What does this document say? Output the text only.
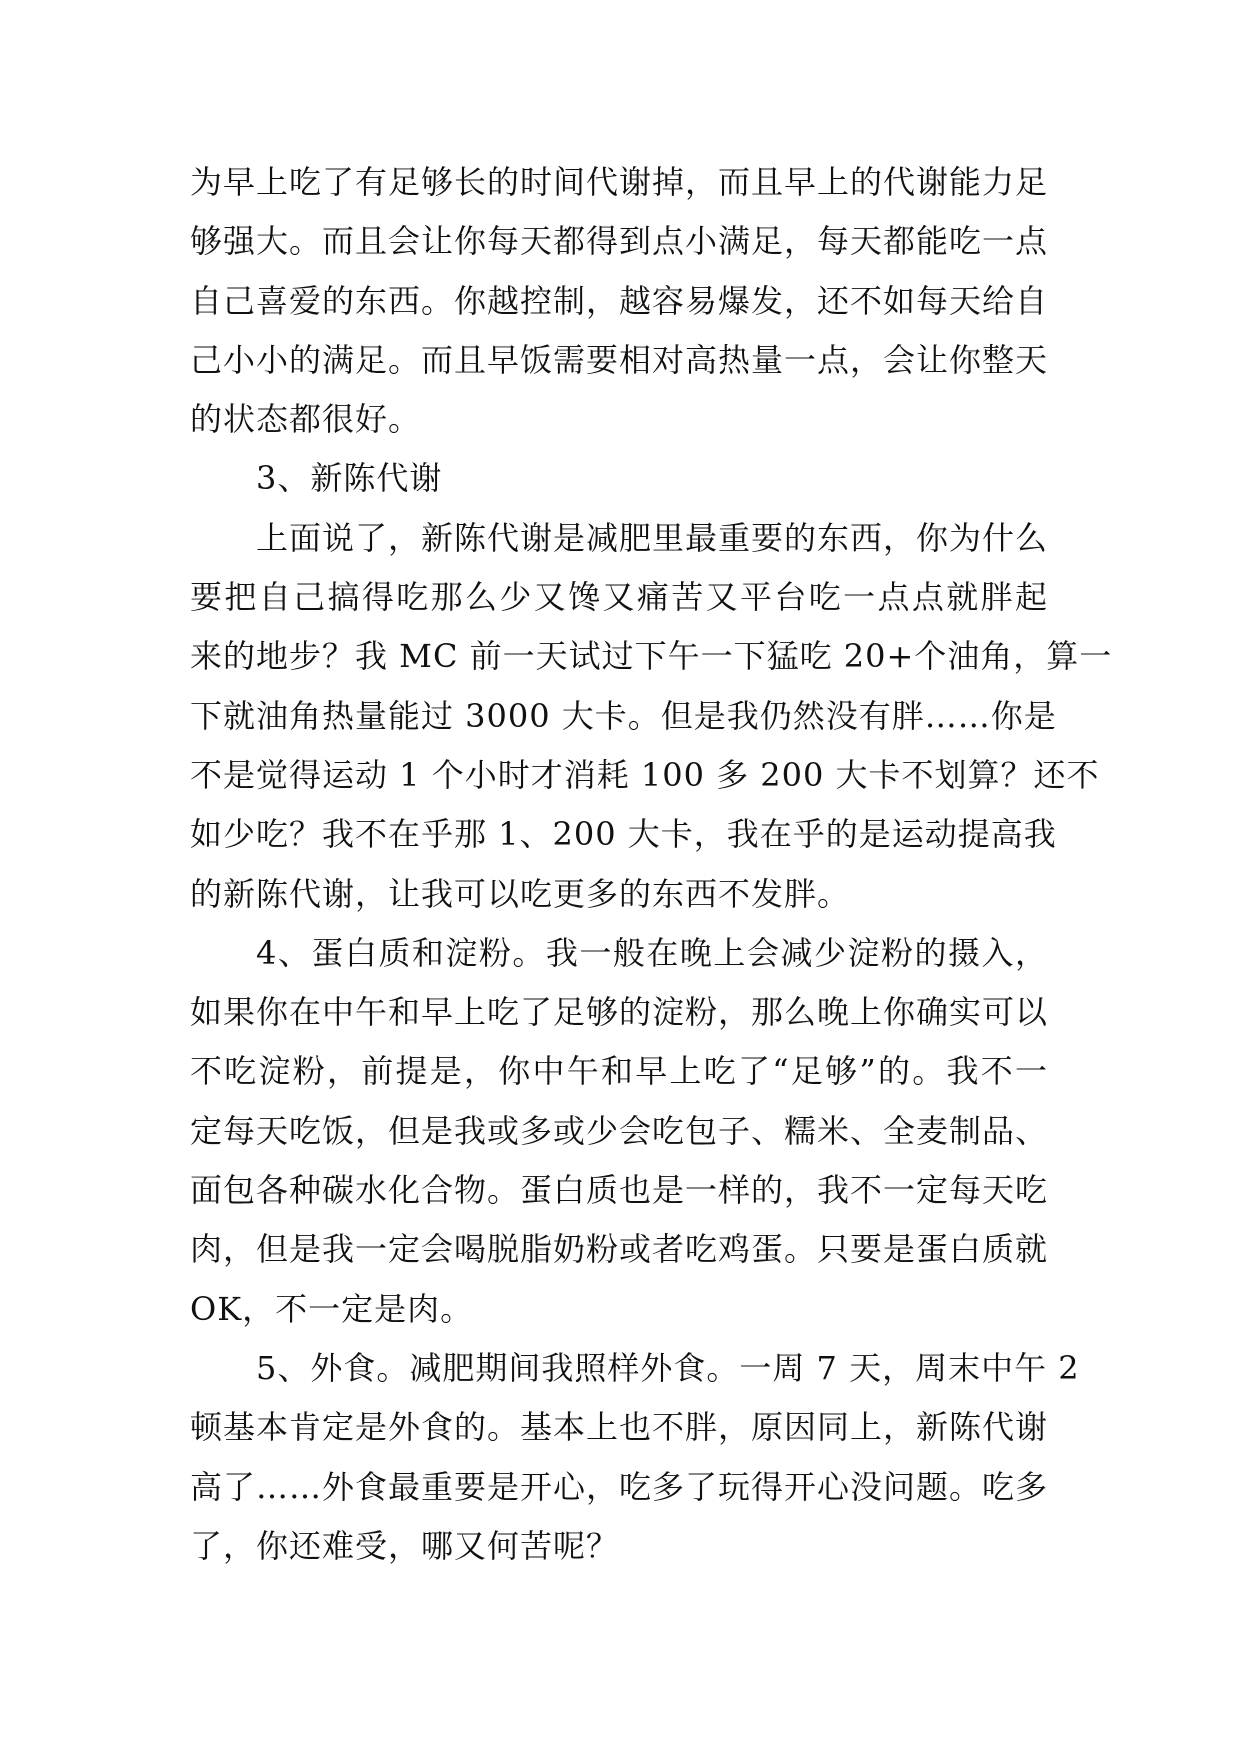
为早上吃了有足够长的时间代谢掉，而且早上的代谢能力足
够强大。而且会让你每天都得到点小满足，每天都能吃一点
自己喜爱的东西。你越控制，越容易爆发，还不如每天给自
己小小的满足。而且早饭需要相对高热量一点，会让你整天
的状态都很好。
3、新陈代谢
上面说了，新陈代谢是减肥里最重要的东西，你为什么
要把自己搞得吃那么少又馋又痛苦又平台吃一点点就胖起
来的地步？我 MC 前一天试过下午一下猛吃 20+个油角，算一
下就油角热量能过 3000 大卡。但是我仍然没有胖……你是
不是觉得运动 1 个小时才消耗 100 多 200 大卡不划算？还不
如少吃？我不在乎那 1、200 大卡，我在乎的是运动提高我
的新陈代谢，让我可以吃更多的东西不发胖。
4、蛋白质和淀粉。我一般在晚上会减少淀粉的摄入，
如果你在中午和早上吃了足够的淀粉，那么晚上你确实可以
不吃淀粉，前提是，你中午和早上吃了“足够”的。我不一
定每天吃饭，但是我或多或少会吃包子、糯米、全麦制品、
面包各种碳水化合物。蛋白质也是一样的，我不一定每天吃
肉，但是我一定会喝脱脂奶粉或者吃鸡蛋。只要是蛋白质就
OK，不一定是肉。
5、外食。减肥期间我照样外食。一周 7 天，周末中午 2
顿基本肯定是外食的。基本上也不胖，原因同上，新陈代谢
高了……外食最重要是开心，吃多了玩得开心没问题。吃多
了，你还难受，哪又何苦呢？
